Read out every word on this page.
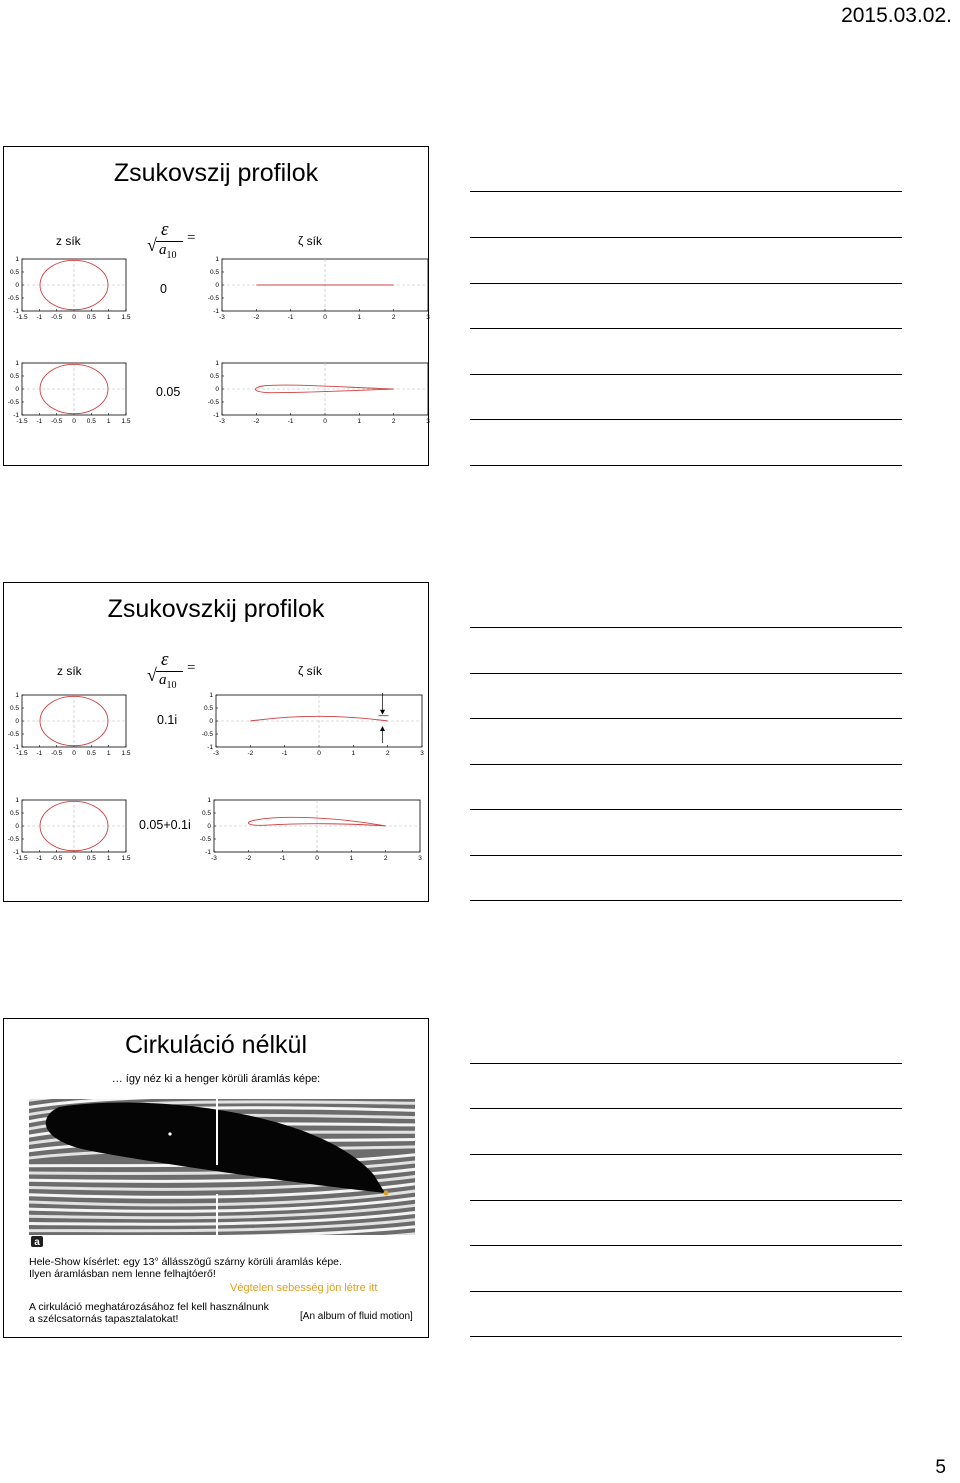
2015.03.02.
Zsukovszij profilok
z sík	ζ sík
ε
√ $a_{10}$
=
0
0.05
-1.5 -1 -0.5 0 0.5 1 1.5
1
0.5
0
-0.5
-1
-3	-2	-1	0	1	2	3
1
0.5
0
-0.5
-1
-1.5 -1 -0.5 0 0.5 1 1.5
1
0.5
0
-0.5
-1
-3	-2	-1	0	1	2	3
1
0.5
0
-0.5
-1
Zsukovszkij profilok
z sík	ζ sík
ε
√ $a_{10}$
=
0.1i
0.05+0.1i
-1.5 -1 -0.5 0 0.5 1 1.5
1
0.5
0
-0.5
-1
-3	-2	-1	0	1	2	3
1
0.5
0
-0.5
-1
-1.5 -1 -0.5 0 0.5 1 1.5
1
0.5
0
-0.5
-1
-3	-2	-1	0	1	2	3
1
0.5
0
-0.5
-1
Cirkuláció nélkül
… így néz ki a henger körüli áramlás képe:
a
Hele-Show kísérlet: egy 13° állásszögű szárny körüli áramlás képe.
Ilyen áramlásban nem lenne felhajtóerő!
Végtelen sebesség jön létre itt
A cirkuláció meghatározásához fel kell használnunk
a szélcsatornás tapasztalatokat!	[An album of fluid motion]
5
